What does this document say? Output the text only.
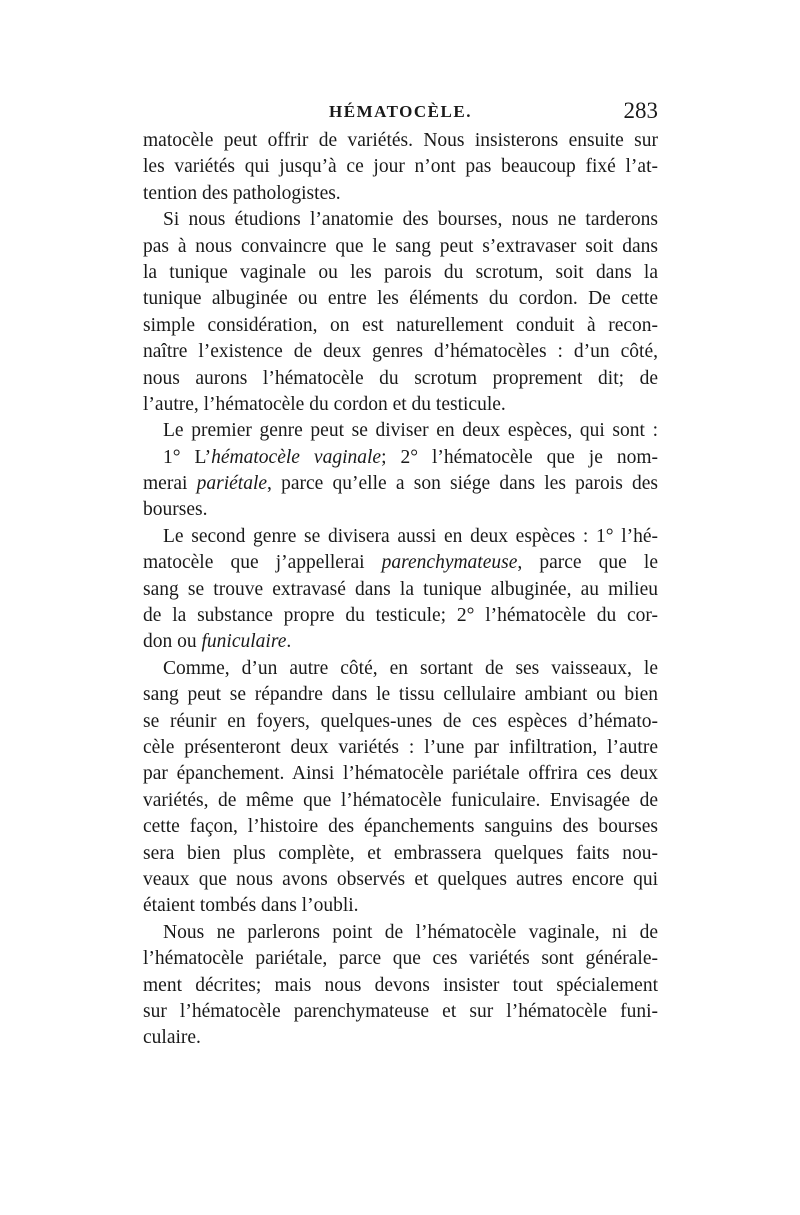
HÉMATOCÈLE.	283
matocèle peut offrir de variétés. Nous insisterons ensuite sur
les variétés qui jusqu’à ce jour n’ont pas beaucoup fixé l’at-
tention des pathologistes.
Si nous étudions l’anatomie des bourses, nous ne tarderons
pas à nous convaincre que le sang peut s’extravaser soit dans
la tunique vaginale ou les parois du scrotum, soit dans la
tunique albuginée ou entre les éléments du cordon. De cette
simple considération, on est naturellement conduit à recon-
naître l’existence de deux genres d’hématocèles : d’un côté,
nous aurons l’hématocèle du scrotum proprement dit; de
l’autre, l’hématocèle du cordon et du testicule.
Le premier genre peut se diviser en deux espèces, qui sont :
1° L’hématocèle vaginale; 2° l’hématocèle que je nom-
merai pariétale, parce qu’elle a son siége dans les parois des
bourses.
Le second genre se divisera aussi en deux espèces : 1° l’hé-
matocèle que j’appellerai parenchymateuse, parce que le
sang se trouve extravasé dans la tunique albuginée, au milieu
de la substance propre du testicule; 2° l’hématocèle du cor-
don ou funiculaire.
Comme, d’un autre côté, en sortant de ses vaisseaux, le
sang peut se répandre dans le tissu cellulaire ambiant ou bien
se réunir en foyers, quelques-unes de ces espèces d’hémato-
cèle présenteront deux variétés : l’une par infiltration, l’autre
par épanchement. Ainsi l’hématocèle pariétale offrira ces deux
variétés, de même que l’hématocèle funiculaire. Envisagée de
cette façon, l’histoire des épanchements sanguins des bourses
sera bien plus complète, et embrassera quelques faits nou-
veaux que nous avons observés et quelques autres encore qui
étaient tombés dans l’oubli.
Nous ne parlerons point de l’hématocèle vaginale, ni de
l’hématocèle pariétale, parce que ces variétés sont générale-
ment décrites; mais nous devons insister tout spécialement
sur l’hématocèle parenchymateuse et sur l’hématocèle funi-
culaire.
